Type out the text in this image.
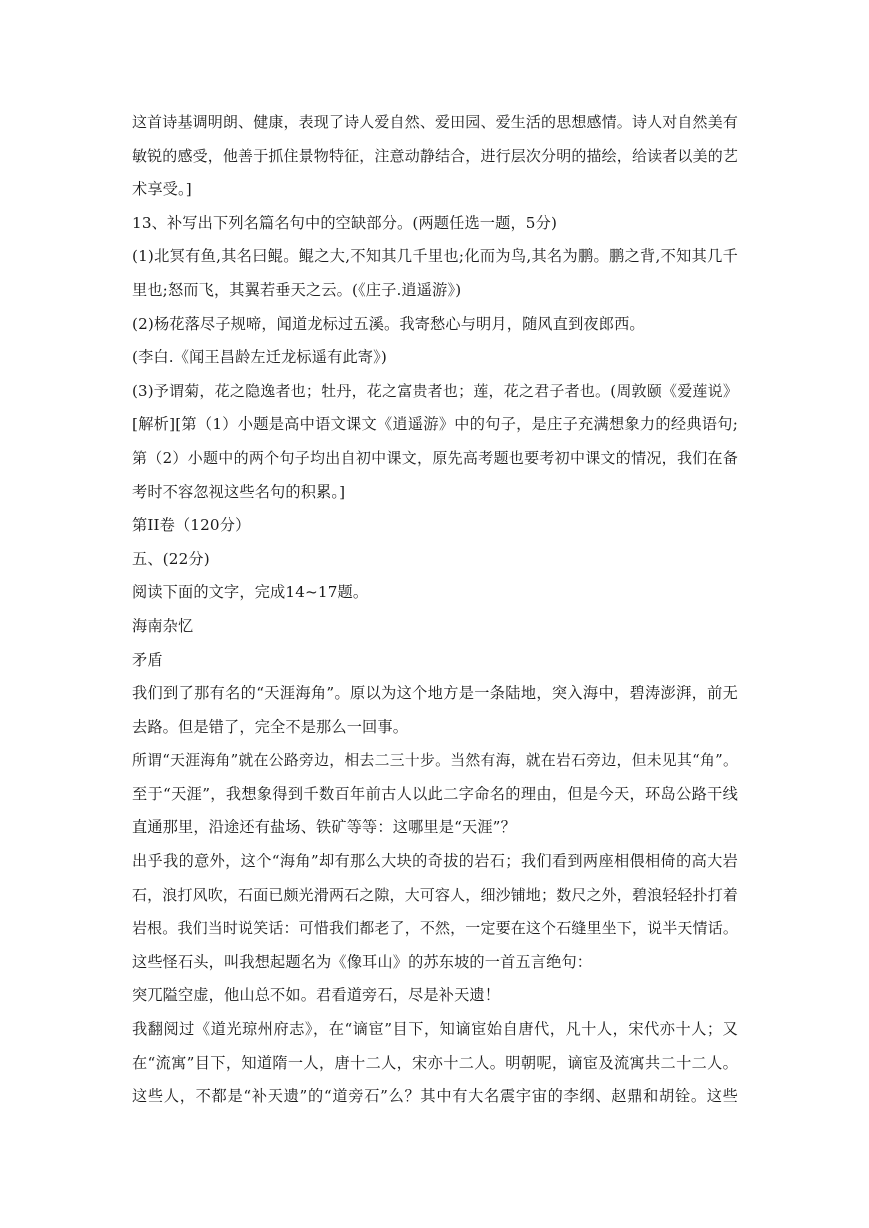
这首诗基调明朗、健康，表现了诗人爱自然、爱田园、爱生活的思想感情。诗人对自然美有
敏锐的感受，他善于抓住景物特征，注意动静结合，进行层次分明的描绘，给读者以美的艺
术享受。]
13、补写出下列名篇名句中的空缺部分。(两题任选一题，5分)
(1)北冥有鱼,其名曰鲲。鲲之大,不知其几千里也;化而为鸟,其名为鹏。鹏之背,不知其几千
里也;怒而飞，其翼若垂天之云。(《庄子.逍遥游》)
(2)杨花落尽子规啼，闻道龙标过五溪。我寄愁心与明月，随风直到夜郎西。
(李白.《闻王昌龄左迁龙标遥有此寄》)
(3)予谓菊，花之隐逸者也；牡丹，花之富贵者也；莲，花之君子者也。(周敦颐《爱莲说》
[解析][第（1）小题是高中语文课文《逍遥游》中的句子，是庄子充满想象力的经典语句;
第（2）小题中的两个句子均出自初中课文，原先高考题也要考初中课文的情况，我们在备
考时不容忽视这些名句的积累。]
第II卷（120分）
五、(22分)
阅读下面的文字，完成14~17题。
海南杂忆
矛盾
我们到了那有名的“天涯海角”。原以为这个地方是一条陆地，突入海中，碧涛澎湃，前无
去路。但是错了，完全不是那么一回事。
所谓“天涯海角”就在公路旁边，相去二三十步。当然有海，就在岩石旁边，但未见其“角”。
至于“天涯”，我想象得到千数百年前古人以此二字命名的理由，但是今天，环岛公路干线
直通那里，沿途还有盐场、铁矿等等：这哪里是“天涯”？
出乎我的意外，这个“海角”却有那么大块的奇拔的岩石；我们看到两座相偎相倚的高大岩
石，浪打风吹，石面已颇光滑两石之隙，大可容人，细沙铺地；数尺之外，碧浪轻轻扑打着
岩根。我们当时说笑话：可惜我们都老了，不然，一定要在这个石缝里坐下，说半天情话。
这些怪石头，叫我想起题名为《像耳山》的苏东坡的一首五言绝句：
突兀隘空虚，他山总不如。君看道旁石，尽是补天遗！
我翻阅过《道光琼州府志》，在“谪宦”目下，知谪宦始自唐代，凡十人，宋代亦十人；又
在“流寓”目下，知道隋一人，唐十二人，宋亦十二人。明朝呢，谪宦及流寓共二十二人。
这些人，不都是“补天遗”的“道旁石”么？其中有大名震宇宙的李纲、赵鼎和胡铨。这些
